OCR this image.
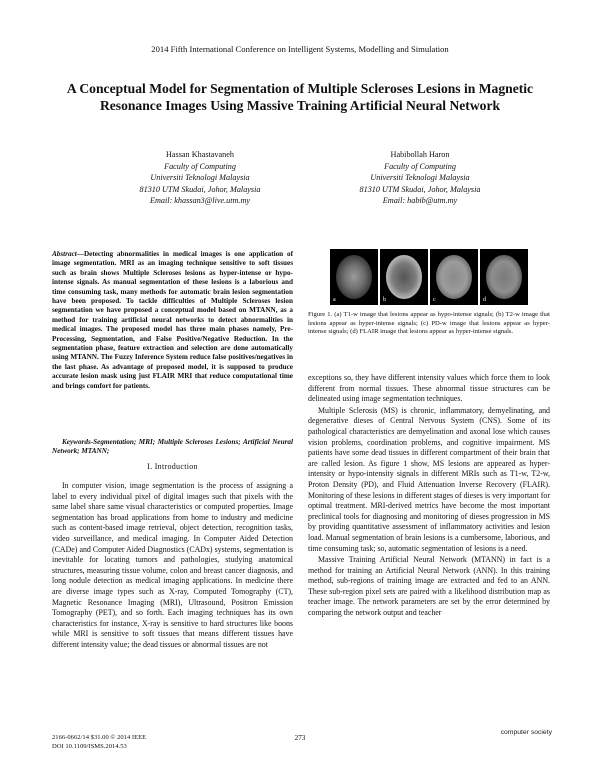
2014 Fifth International Conference on Intelligent Systems, Modelling and Simulation
A Conceptual Model for Segmentation of Multiple Scleroses Lesions in Magnetic Resonance Images Using Massive Training Artificial Neural Network
Hassan Khastavaneh
Faculty of Computing
Universiti Teknologi Malaysia
81310 UTM Skudai, Johor, Malaysia
Email: khassan3@live.utm.my
Habibollah Haron
Faculty of Computing
Universiti Teknologi Malaysia
81310 UTM Skudai, Johor, Malaysia
Email: habib@utm.my
Abstract—Detecting abnormalities in medical images is one application of image segmentation. MRI as an imaging technique sensitive to soft tissues such as brain shows Multiple Scleroses lesions as hyper-intense or hypo-intense signals. As manual segmentation of these lesions is a laborious and time consuming task, many methods for automatic brain lesion segmentation have been proposed. To tackle difficulties of Multiple Scleroses lesion segmentation we have proposed a conceptual model based on MTANN, as a method for training artificial neural networks to detect abnormalities in medical images. The proposed model has three main phases namely, Pre-Processing, Segmentation, and False Positive/Negative Reduction. In the segmentation phase, feature extraction and selection are done automatically using MTANN. The Fuzzy Inference System reduce false positives/negatives in the last phase. As advantage of proposed model, it is supposed to produce accurate lesion mask using just FLAIR MRI that reduce computational time and brings comfort for patients.
Keywords-Segmentation; MRI; Multiple Scleroses Lesions; Artificial Neural Network; MTANN;
I. Introduction

In computer vision, image segmentation is the process of assigning a label to every individual pixel of digital images such that pixels with the same label share same visual characteristics or computed properties. Image segmentation has broad applications from home to industry and medicine such as content-based image retrieval, object detection, recognition tasks, video surveillance, and medical imaging. In Computer Aided Detection (CADe) and Computer Aided Diagnostics (CADx) systems, segmentation is inevitable for locating tumors and pathologies, studying anatomical structures, measuring tissue volume, colon and breast cancer diagnosis, and long nodule detection as medical imaging applications. In medicine there are diverse image types such as X-ray, Computed Tomography (CT), Magnetic Resonance Imaging (MRI), Ultrasound, Positron Emission Tomography (PET), and so forth. Each imaging techniques has its own characteristics for instance, X-ray is sensitive to hard structures like boons while MRI is sensitive to soft tissues that means different tissues have different intensity value; the dead tissues or abnormal tissues are not

a	b	c	d
Figure 1. (a) T1-w image that lesions appear as hypo-intense signals; (b) T2-w image that lesions appear as hyper-intense signals; (c) PD-w image that lesions appear as hyper-intense signals; (d) FLAIR image that lesions appear as hyper-intense signals.

exceptions so, they have different intensity values which force them to look different from normal tissues. These abnormal tissue structures can be delineated using image segmentation techniques.

Multiple Sclerosis (MS) is chronic, inflammatory, demyelinating, and degenerative dieses of Central Nervous System (CNS). Some of its pathological characteristics are demyelination and axonal lose which causes vision problems, coordination problems, and cognitive impairment. MS patients have some dead tissues in different compartment of their brain that are called lesion. As figure 1 show, MS lesions are appeared as hyper-intensity or hypo-intensity signals in different MRIs such as T1-w, T2-w, Proton Density (PD), and Fluid Attenuation Inverse Recovery (FLAIR). Monitoring of these lesions in different stages of dieses is very important for optimal treatment. MRI-derived metrics have become the most important preclinical tools for diagnosing and monitoring of dieses progression in MS by providing quantitative assessment of inflammatory activities and lesion load. Manual segmentation of brain lesions is a cumbersome, laborious, and time consuming task; so, automatic segmentation of lesions is a need.

Massive Training Artificial Neural Network (MTANN) in fact is a method for training an Artificial Neural Network (ANN). In this training method, sub-regions of training image are extracted and fed to an ANN. These sub-region pixel sets are paired with a likelihood distribution map as teacher image. The network parameters are set by the error determined by comparing the network output and teacher

2166-0662/14 $31.00 © 2014 IEEE
DOI 10.1109/ISMS.2014.53
273
computer society
